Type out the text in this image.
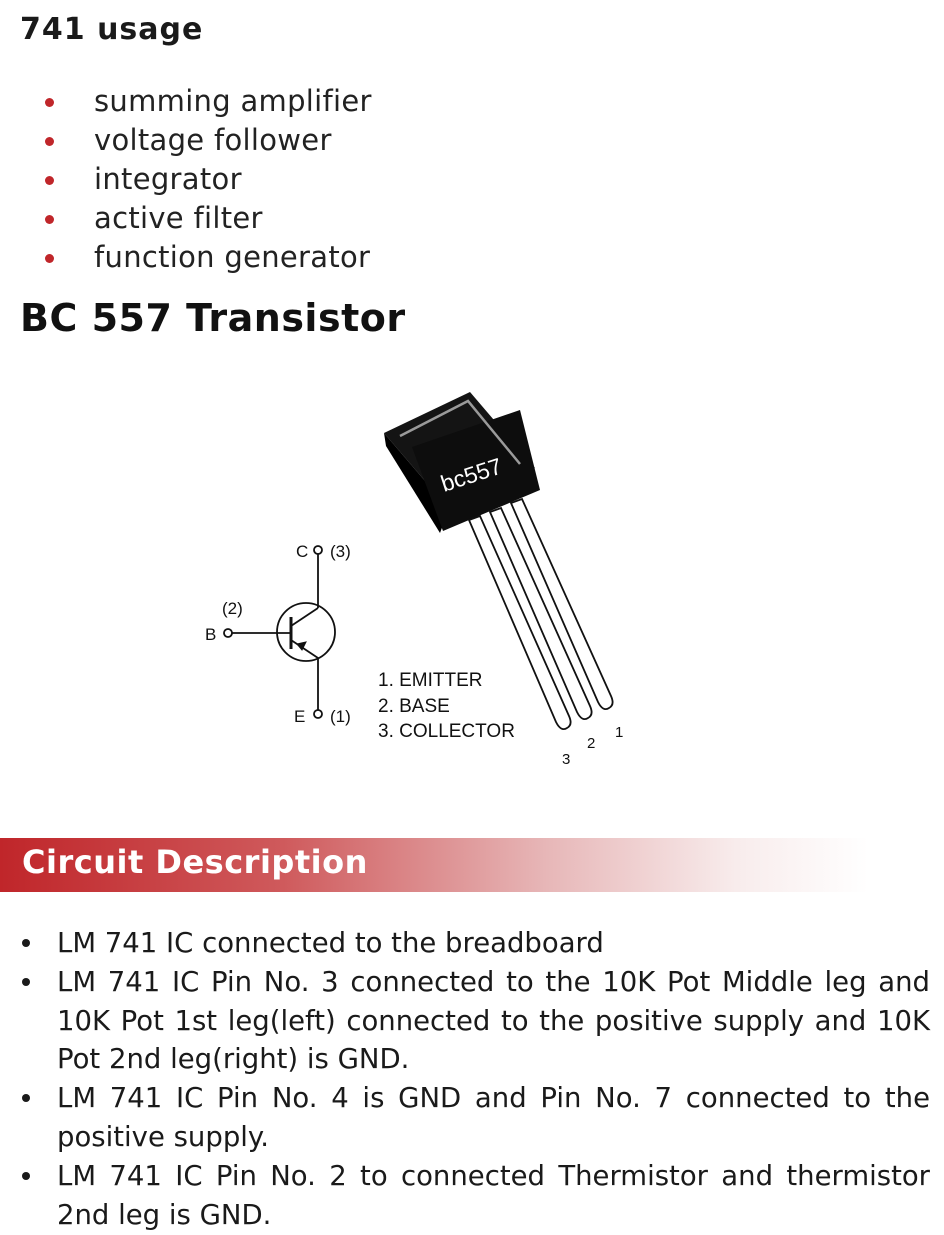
741 usage
summing amplifier
voltage follower
integrator
active filter
function generator
BC 557 Transistor
bc557
3
2
1
C (3)
(2)
B
E (1)
1. EMITTER
2. BASE
3. COLLECTOR
Circuit Description
LM 741 IC connected to the breadboard
LM 741 IC Pin No. 3 connected to the 10K Pot Middle leg and 10K Pot 1st leg(left) connected to the positive supply and 10K Pot 2nd leg(right) is GND.
LM 741 IC Pin No. 4 is GND and Pin No. 7 connected to the positive supply.
LM 741 IC Pin No. 2 to connected Thermistor and thermistor 2nd leg is GND.
